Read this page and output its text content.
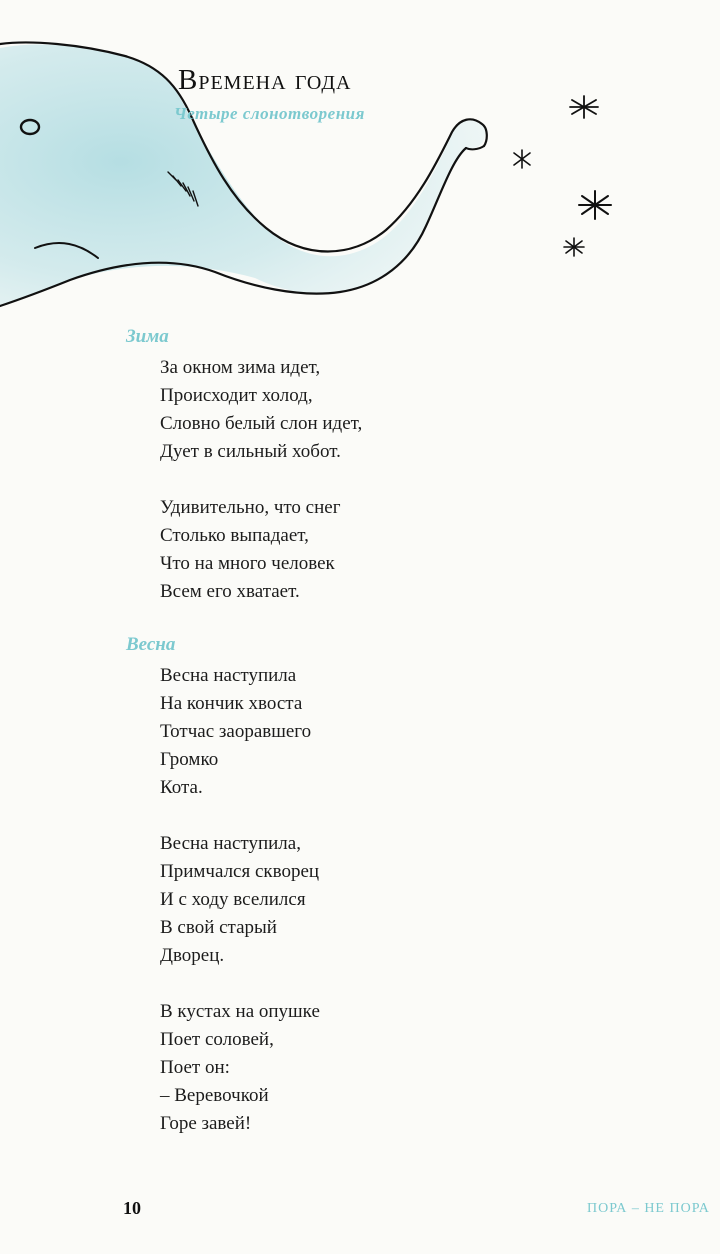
Времена года
Четыре слонотворения
Зима
За окном зима идет,
Происходит холод,
Словно белый слон идет,
Дует в сильный хобот.
Удивительно, что снег
Столько выпадает,
Что на много человек
Всем его хватает.
Весна
Весна наступила
На кончик хвоста
Тотчас заоравшего
Громко
Кота.
Весна наступила,
Примчался скворец
И с ходу вселился
В свой старый
Дворец.
В кустах на опушке
Поет соловей,
Поет он:
– Веревочкой
Горе завей!
10	ПОРА – НЕ ПОРА
